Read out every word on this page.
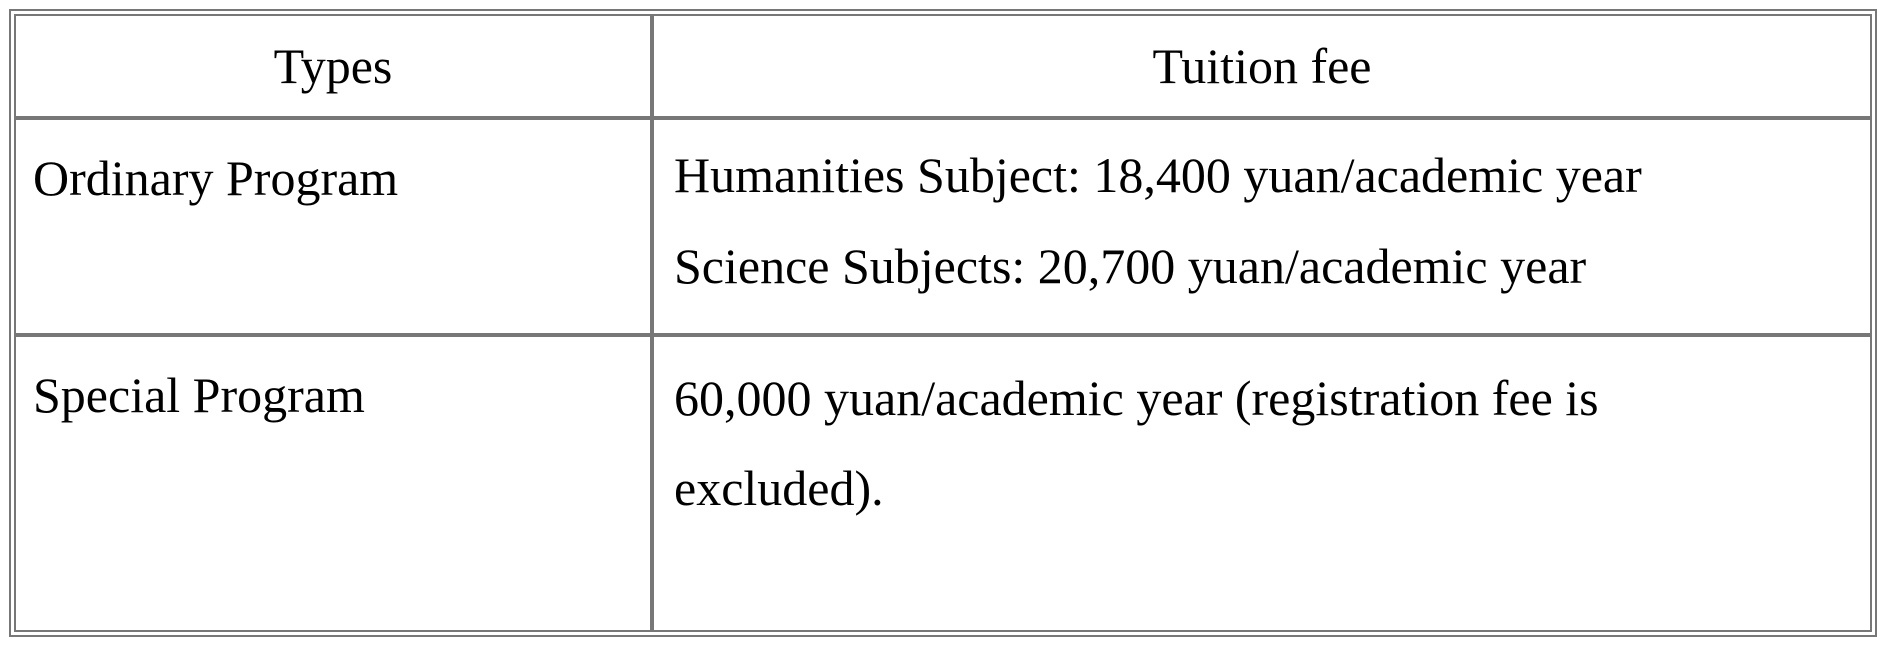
Types	Tuition fee

Ordinary Program	Humanities Subject: 18,400 yuan/academic year
Science Subjects: 20,700 yuan/academic year

Special Program	60,000 yuan/academic year (registration fee is excluded).
